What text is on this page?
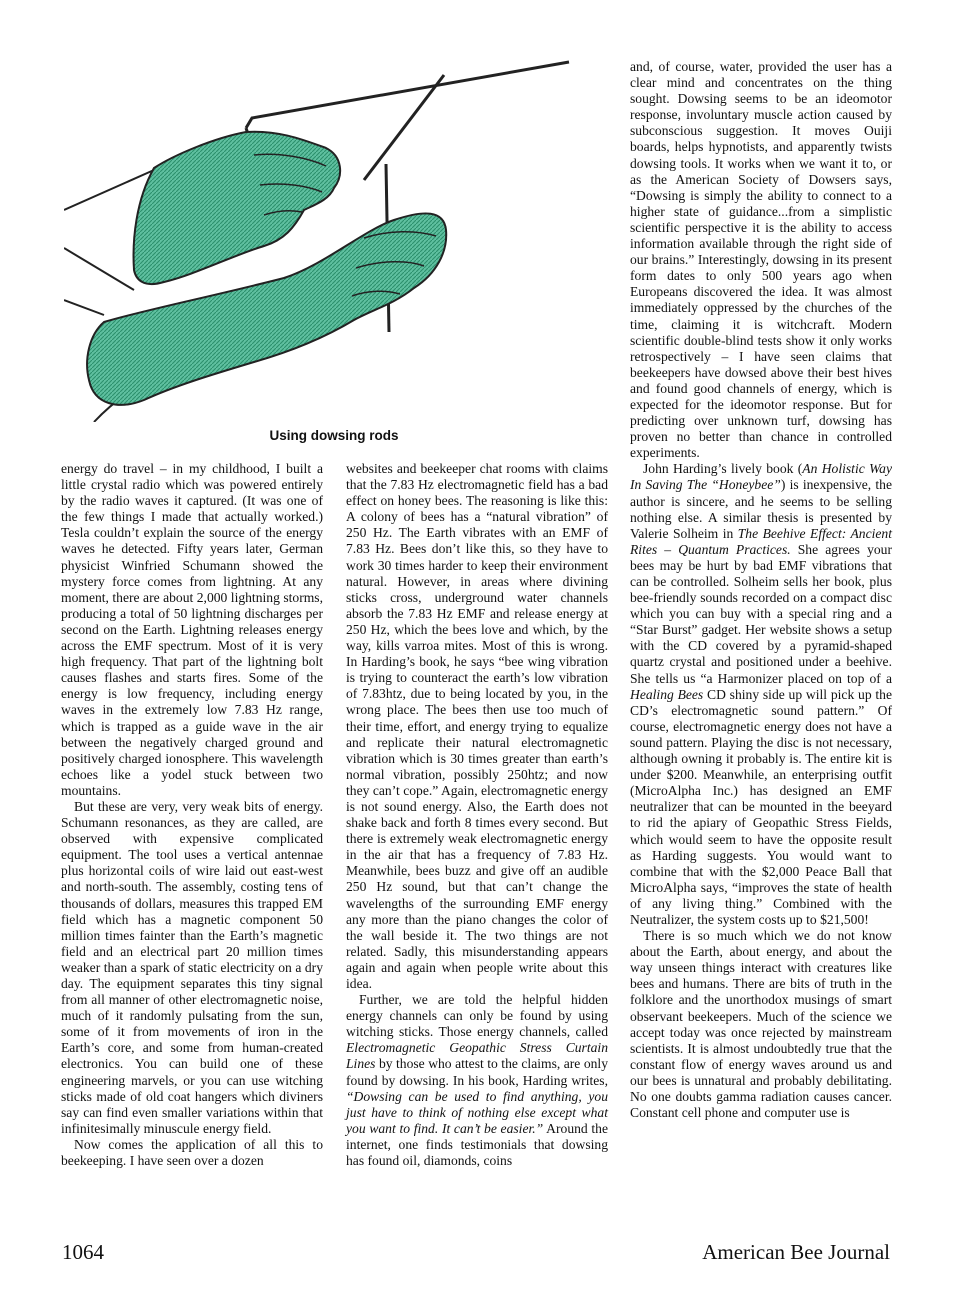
Using dowsing rods

energy do travel – in my childhood, I built a little crystal radio which was powered entirely by the radio waves it captured. (It was one of the few things I made that actually worked.) Tesla couldn’t explain the source of the energy waves he detected. Fifty years later, German physicist Winfried Schumann showed the mystery force comes from lightning. At any moment, there are about 2,000 lightning storms, producing a total of 50 lightning discharges per second on the Earth. Lightning releases energy across the EMF spectrum. Most of it is very high frequency. That part of the lightning bolt causes flashes and starts fires. Some of the energy is low frequency, including energy waves in the extremely low 7.83 Hz range, which is trapped as a guide wave in the air between the negatively charged ground and positively charged ionosphere. This wavelength echoes like a yodel stuck between two mountains.

But these are very, very weak bits of energy. Schumann resonances, as they are called, are observed with expensive complicated equipment. The tool uses a vertical antennae plus horizontal coils of wire laid out east-west and north-south. The assembly, costing tens of thousands of dollars, measures this trapped EM field which has a magnetic component 50 million times fainter than the Earth’s magnetic field and an electrical part 20 million times weaker than a spark of static electricity on a dry day. The equipment separates this tiny signal from all manner of other electromagnetic noise, much of it randomly pulsating from the sun, some of it from movements of iron in the Earth’s core, and some from human-created electronics. You can build one of these engineering marvels, or you can use witching sticks made of old coat hangers which diviners say can find even smaller variations within that infinitesimally minuscule energy field.

Now comes the application of all this to beekeeping. I have seen over a dozen

websites and beekeeper chat rooms with claims that the 7.83 Hz electromagnetic field has a bad effect on honey bees. The reasoning is like this: A colony of bees has a “natural vibration” of 250 Hz. The Earth vibrates with an EMF of 7.83 Hz. Bees don’t like this, so they have to work 30 times harder to keep their environment natural. However, in areas where divining sticks cross, underground water channels absorb the 7.83 Hz EMF and release energy at 250 Hz, which the bees love and which, by the way, kills varroa mites. Most of this is wrong. In Harding’s book, he says “bee wing vibration is trying to counteract the earth’s low vibration of 7.83htz, due to being located by you, in the wrong place. The bees then use too much of their time, effort, and energy trying to equalize and replicate their natural electromagnetic vibration which is 30 times greater than earth’s normal vibration, possibly 250htz; and now they can’t cope.” Again, electromagnetic energy is not sound energy. Also, the Earth does not shake back and forth 8 times every second. But there is extremely weak electromagnetic energy in the air that has a frequency of 7.83 Hz. Meanwhile, bees buzz and give off an audible 250 Hz sound, but that can’t change the wavelengths of the surrounding EMF energy any more than the piano changes the color of the wall beside it. The two things are not related. Sadly, this misunderstanding appears again and again when people write about this idea.

Further, we are told the helpful hidden energy channels can only be found by using witching sticks. Those energy channels, called Electromagnetic Geopathic Stress Curtain Lines by those who attest to the claims, are only found by dowsing. In his book, Harding writes, “Dowsing can be used to find anything, you just have to think of nothing else except what you want to find. It can’t be easier.” Around the internet, one finds testimonials that dowsing has found oil, diamonds, coins

and, of course, water, provided the user has a clear mind and concentrates on the thing sought. Dowsing seems to be an ideomotor response, involuntary muscle action caused by subconscious suggestion. It moves Ouiji boards, helps hypnotists, and apparently twists dowsing tools. It works when we want it to, or as the American Society of Dowsers says, “Dowsing is simply the ability to connect to a higher state of guidance...from a simplistic scientific perspective it is the ability to access information available through the right side of our brains.” Interestingly, dowsing in its present form dates to only 500 years ago when Europeans discovered the idea. It was almost immediately oppressed by the churches of the time, claiming it is witchcraft. Modern scientific double-blind tests show it only works retrospectively – I have seen claims that beekeepers have dowsed above their best hives and found good channels of energy, which is expected for the ideomotor response. But for predicting over unknown turf, dowsing has proven no better than chance in controlled experiments.

John Harding’s lively book (An Holistic Way In Saving The “Honeybee”) is inexpensive, the author is sincere, and he seems to be selling nothing else. A similar thesis is presented by Valerie Solheim in The Beehive Effect: Ancient Rites – Quantum Practices. She agrees your bees may be hurt by bad EMF vibrations that can be controlled. Solheim sells her book, plus bee-friendly sounds recorded on a compact disc which you can buy with a special ring and a “Star Burst” gadget. Her website shows a setup with the CD covered by a pyramid-shaped quartz crystal and positioned under a beehive. She tells us “a Harmonizer placed on top of a Healing Bees CD shiny side up will pick up the CD’s electromagnetic sound pattern.” Of course, electromagnetic energy does not have a sound pattern. Playing the disc is not necessary, although owning it probably is. The entire kit is under $200. Meanwhile, an enterprising outfit (MicroAlpha Inc.) has designed an EMF neutralizer that can be mounted in the beeyard to rid the apiary of Geopathic Stress Fields, which would seem to have the opposite result as Harding suggests. You would want to combine that with the $2,000 Peace Ball that MicroAlpha says, “improves the state of health of any living thing.” Combined with the Neutralizer, the system costs up to $21,500!

There is so much which we do not know about the Earth, about energy, and about the way unseen things interact with creatures like bees and humans. There are bits of truth in the folklore and the unorthodox musings of smart observant beekeepers. Much of the science we accept today was once rejected by mainstream scientists. It is almost undoubtedly true that the constant flow of energy waves around us and our bees is unnatural and probably debilitating. No one doubts gamma radiation causes cancer. Constant cell phone and computer use is

1064	American Bee Journal
